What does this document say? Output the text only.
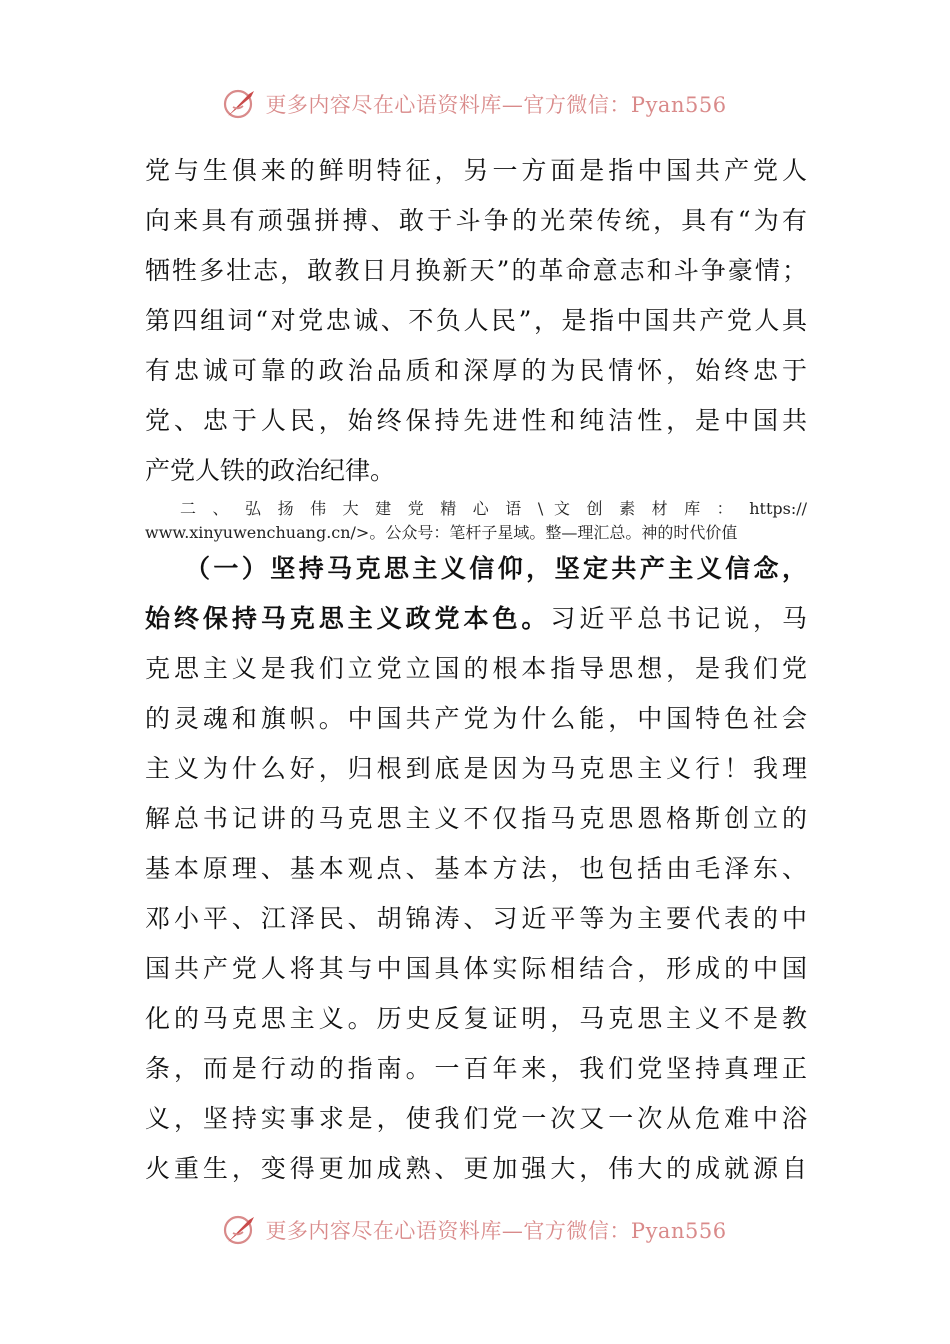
更多内容尽在心语资料库—官方微信：Pyan556
党与生俱来的鲜明特征，另一方面是指中国共产党人
向来具有顽强拼搏、敢于斗争的光荣传统，具有“为有
牺牲多壮志，敢教日月换新天”的革命意志和斗争豪情；
第四组词“对党忠诚、不负人民”，是指中国共产党人具
有忠诚可靠的政治品质和深厚的为民情怀，始终忠于
党、忠于人民，始终保持先进性和纯洁性，是中国共
产党人铁的政治纪律。
二 、 弘 扬 伟 大 建 党 精 心 语 \ 文 创 素 材 库 ： https://
www.xinyuwenchuang.cn/>。公众号：笔杆子星域。整—理汇总。神的时代价值
（一）坚持马克思主义信仰，坚定共产主义信念，
始终保持马克思主义政党本色。习近平总书记说，马
克思主义是我们立党立国的根本指导思想，是我们党
的灵魂和旗帜。中国共产党为什么能，中国特色社会
主义为什么好，归根到底是因为马克思主义行！我理
解总书记讲的马克思主义不仅指马克思恩格斯创立的
基本原理、基本观点、基本方法，也包括由毛泽东、
邓小平、江泽民、胡锦涛、习近平等为主要代表的中
国共产党人将其与中国具体实际相结合，形成的中国
化的马克思主义。历史反复证明，马克思主义不是教
条，而是行动的指南。一百年来，我们党坚持真理正
义，坚持实事求是，使我们党一次又一次从危难中浴
火重生，变得更加成熟、更加强大，伟大的成就源自
更多内容尽在心语资料库—官方微信：Pyan556
